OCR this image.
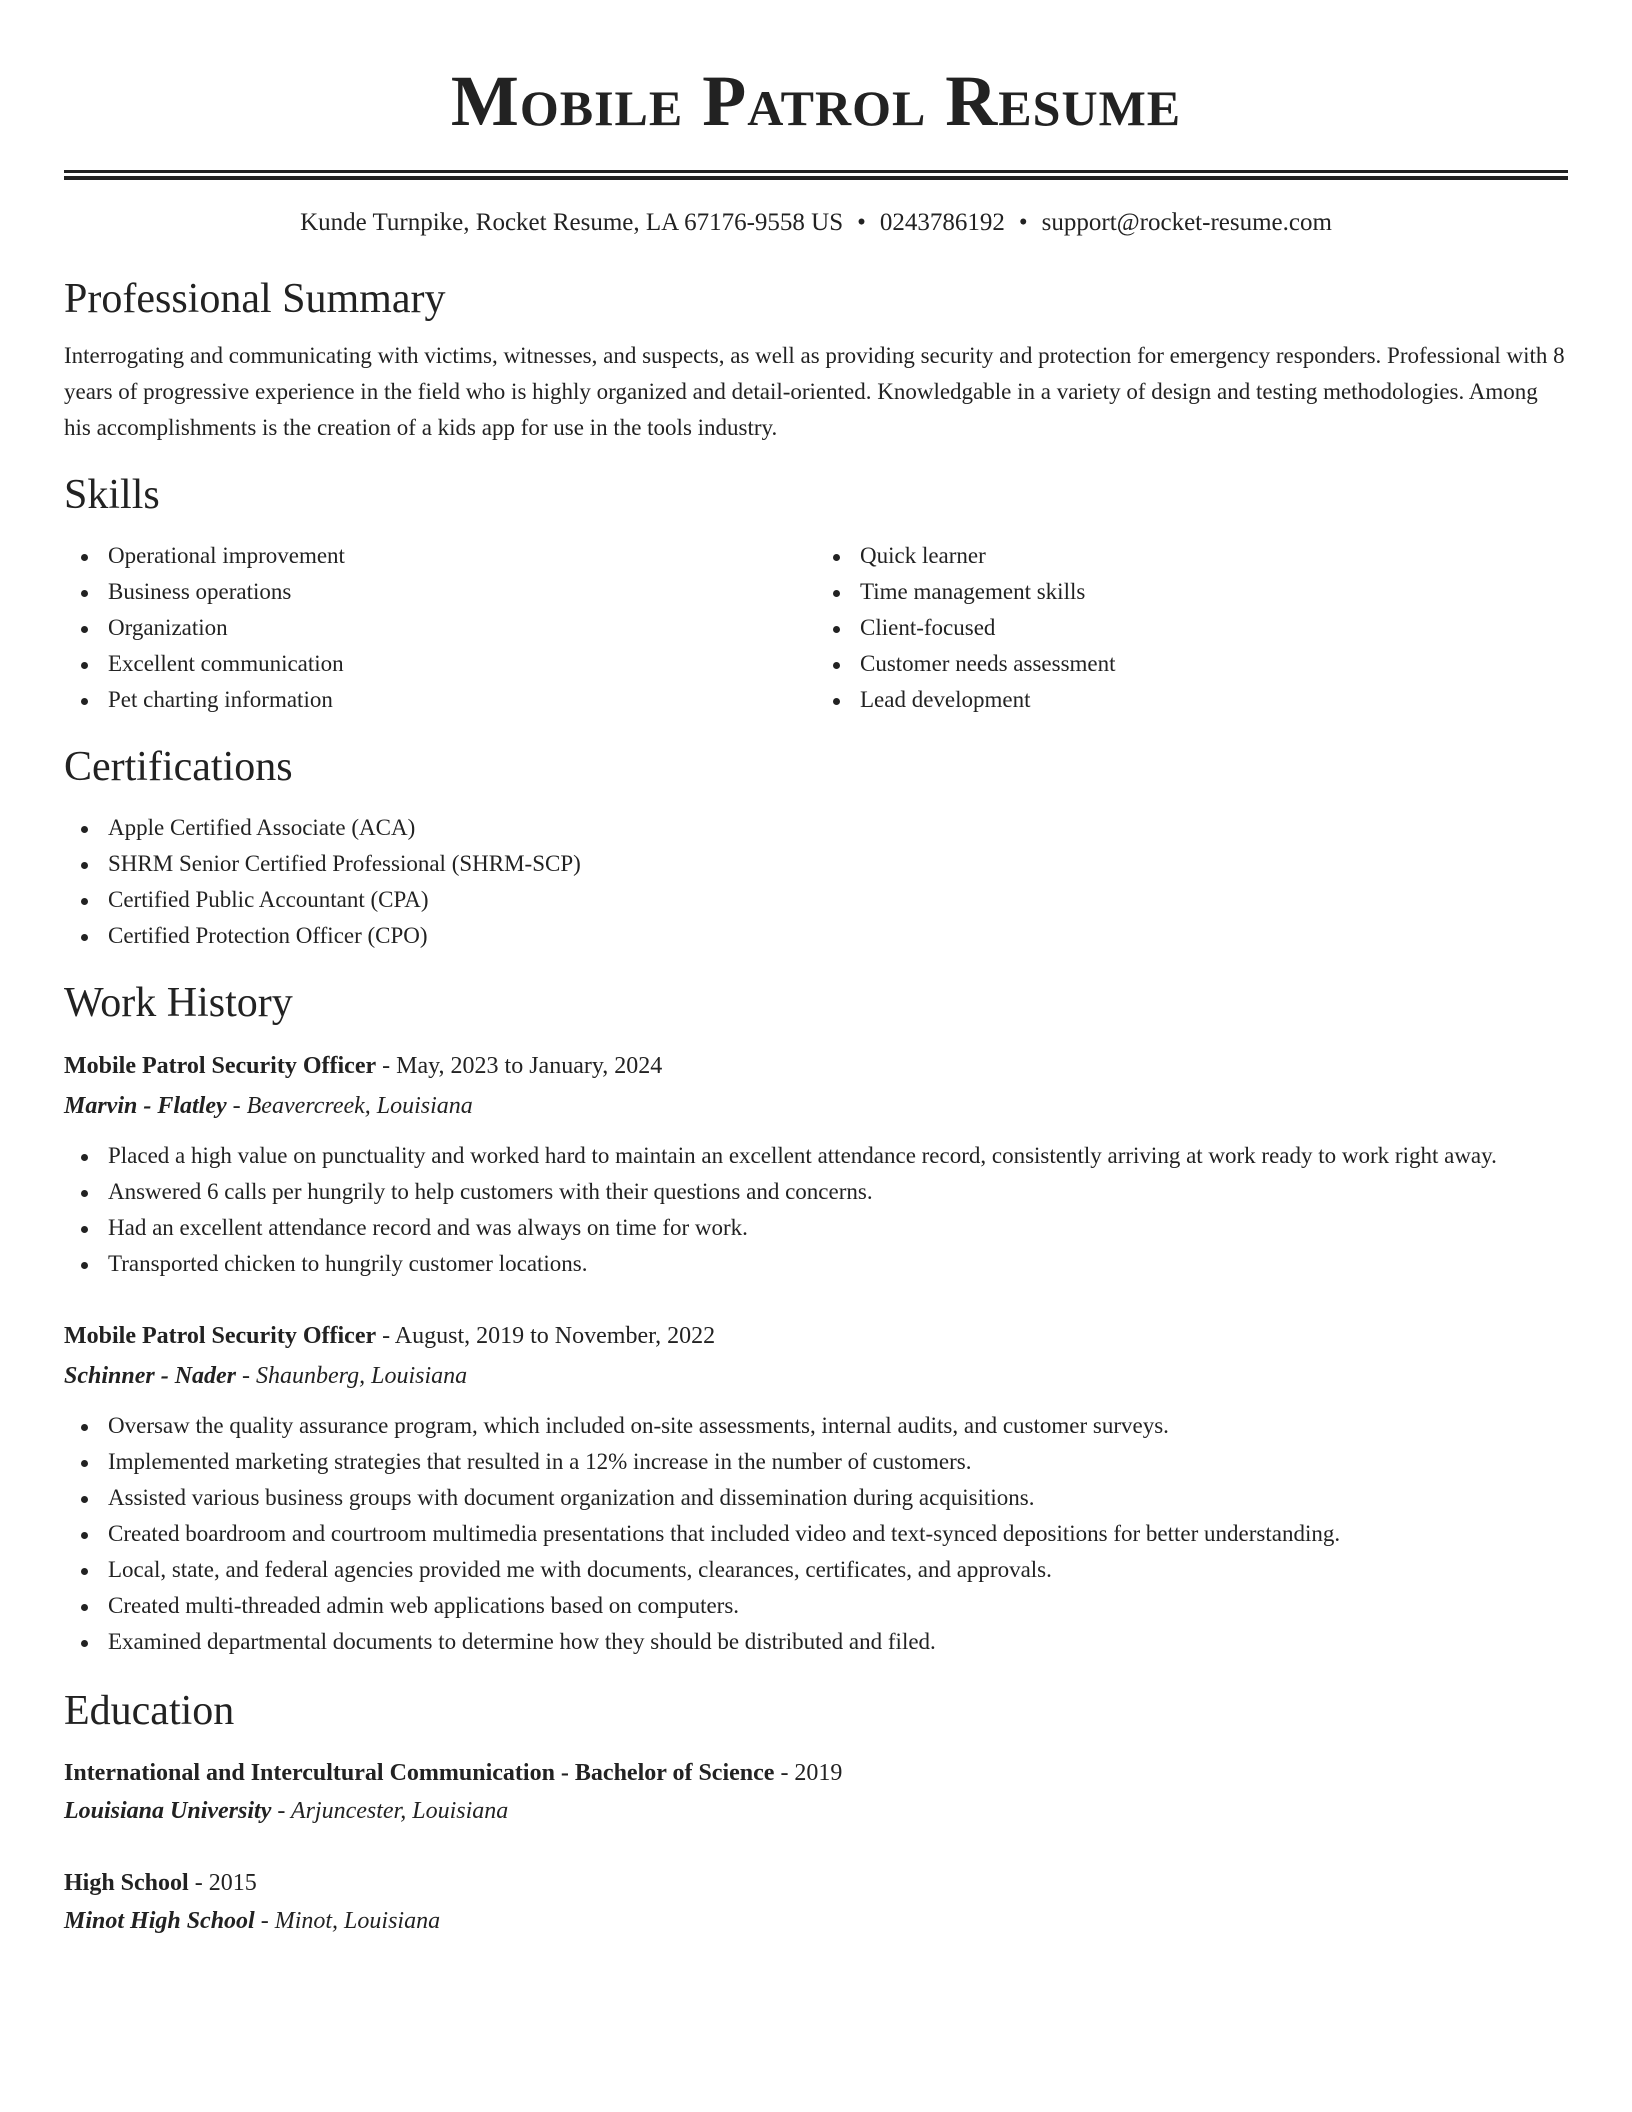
Mobile Patrol Resume
Kunde Turnpike, Rocket Resume, LA 67176-9558 US • 0243786192 • support@rocket-resume.com
Professional Summary

Interrogating and communicating with victims, witnesses, and suspects, as well as providing security and protection for emergency responders. Professional with 8 years of progressive experience in the field who is highly organized and detail-oriented. Knowledgable in a variety of design and testing methodologies. Among his accomplishments is the creation of a kids app for use in the tools industry.

Skills
Operational improvement
Business operations
Organization
Excellent communication
Pet charting information
Quick learner
Time management skills
Client-focused
Customer needs assessment
Lead development
Certifications
Apple Certified Associate (ACA)
SHRM Senior Certified Professional (SHRM-SCP)
Certified Public Accountant (CPA)
Certified Protection Officer (CPO)
Work History
Mobile Patrol Security Officer - May, 2023 to January, 2024
Marvin - Flatley - Beavercreek, Louisiana
Placed a high value on punctuality and worked hard to maintain an excellent attendance record, consistently arriving at work ready to work right away.
Answered 6 calls per hungrily to help customers with their questions and concerns.
Had an excellent attendance record and was always on time for work.
Transported chicken to hungrily customer locations.
Mobile Patrol Security Officer - August, 2019 to November, 2022
Schinner - Nader - Shaunberg, Louisiana
Oversaw the quality assurance program, which included on-site assessments, internal audits, and customer surveys.
Implemented marketing strategies that resulted in a 12% increase in the number of customers.
Assisted various business groups with document organization and dissemination during acquisitions.
Created boardroom and courtroom multimedia presentations that included video and text-synced depositions for better understanding.
Local, state, and federal agencies provided me with documents, clearances, certificates, and approvals.
Created multi-threaded admin web applications based on computers.
Examined departmental documents to determine how they should be distributed and filed.
Education
International and Intercultural Communication - Bachelor of Science - 2019
Louisiana University - Arjuncester, Louisiana
High School - 2015
Minot High School - Minot, Louisiana
